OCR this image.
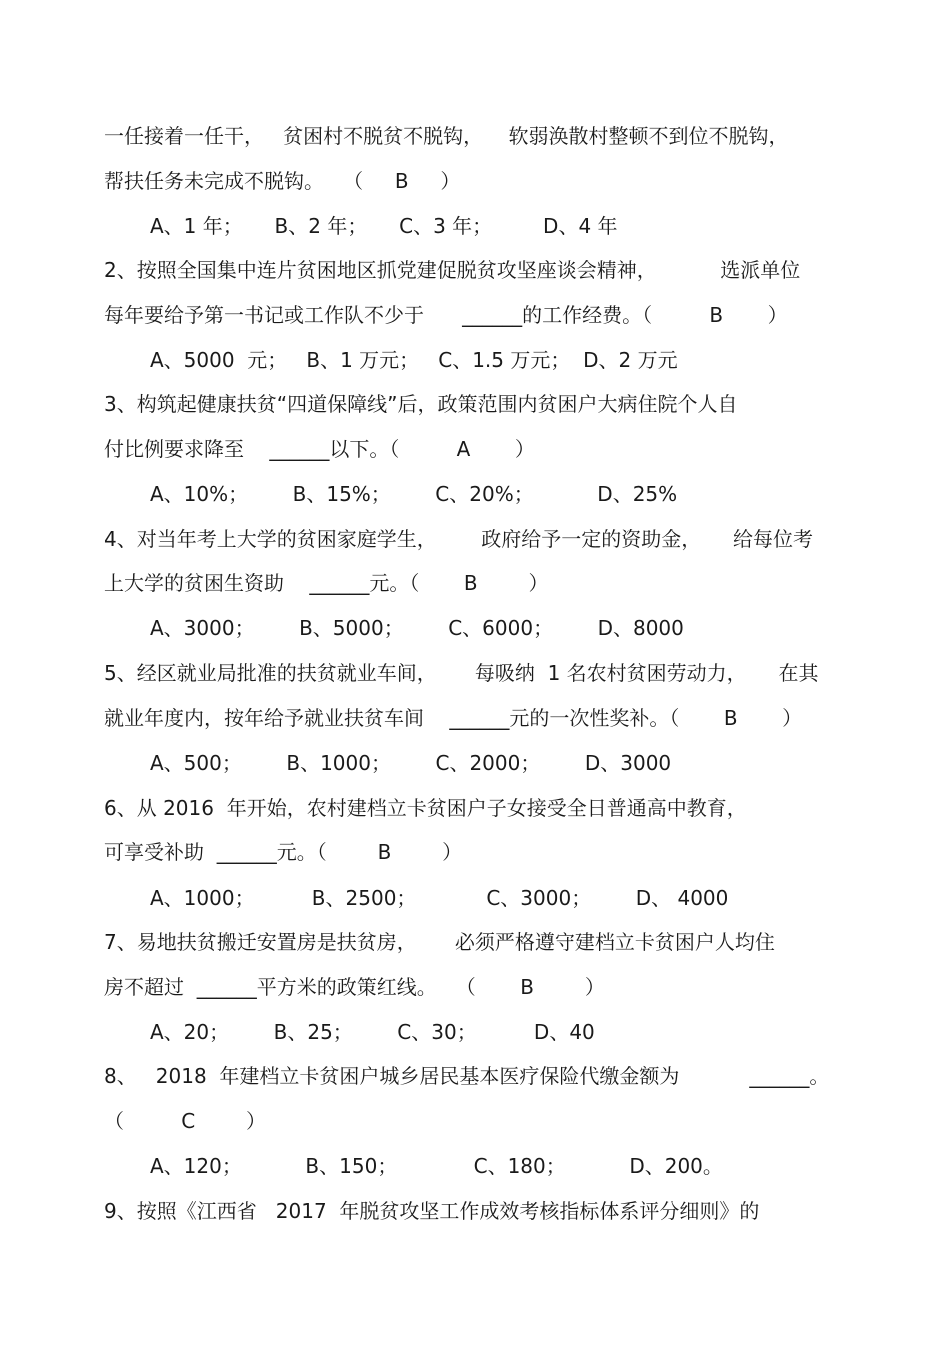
一任接着一任干，   贫困村不脱贫不脱钩，    软弱涣散村整顿不到位不脱钩，
帮扶任务未完成不脱钩。   （     B     ）
A、1 年；     B、2 年；     C、3 年；        D、4 年
2、按照全国集中连片贫困地区抓党建促脱贫攻坚座谈会精神，          选派单位
每年要给予第一书记或工作队不少于      ______的工作经费。（         B       ）
A、5000  元；   B、1 万元；   C、1.5 万元；  D、2 万元
3、构筑起健康扶贫“四道保障线”后，政策范围内贫困户大病住院个人自
付比例要求降至    ______以下。（         A       ）
A、10%；       B、15%；       C、20%；          D、25%
4、对当年考上大学的贫困家庭学生，       政府给予一定的资助金，     给每位考
上大学的贫困生资助    ______元。（       B        ）
A、3000；       B、5000；       C、6000；       D、8000
5、经区就业局批准的扶贫就业车间，      每吸纳  1 名农村贫困劳动力，     在其
就业年度内，按年给予就业扶贫车间    ______元的一次性奖补。（       B       ）
A、500；       B、1000；       C、2000；       D、3000
6、从 2016  年开始，农村建档立卡贫困户子女接受全日普通高中教育，
可享受补助  ______元。（        B        ）
A、1000；         B、2500；           C、3000；       D、 4000
7、易地扶贫搬迁安置房是扶贫房，      必须严格遵守建档立卡贫困户人均住
房不超过  ______平方米的政策红线。   （       B        ）
A、20；       B、25；       C、30；         D、40
8、   2018  年建档立卡贫困户城乡居民基本医疗保险代缴金额为           ______。
（         C        ）
A、120；          B、150；            C、180；          D、200。
9、按照《江西省   2017  年脱贫攻坚工作成效考核指标体系评分细则》的
